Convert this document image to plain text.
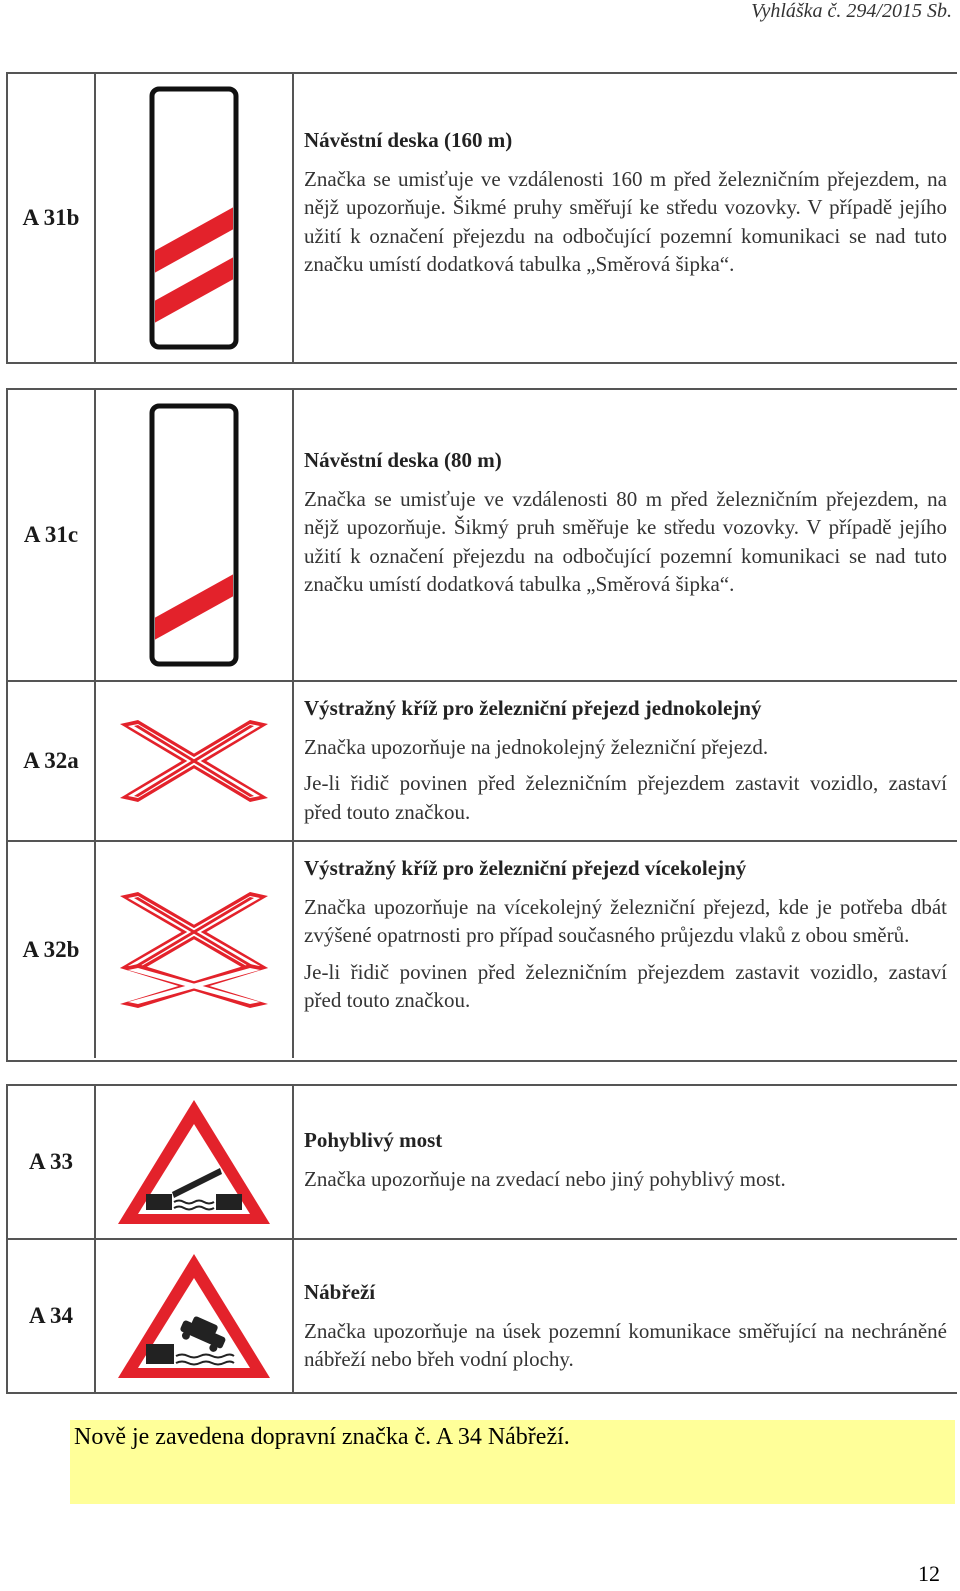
Vyhláška č. 294/2015 Sb.
A 31b

Návěstní deska (160 m)

Značka se umisťuje ve vzdálenosti 160 m před železničním přejezdem, na nějž upozorňuje. Šikmé pruhy směřují ke středu vozovky. V případě jejího užití k označení přejezdu na odbočující pozemní komunikaci se nad tuto značku umístí dodatková tabulka „Směrová šipka“.

A 31c

Návěstní deska (80 m)

Značka se umisťuje ve vzdálenosti 80 m před železničním přejezdem, na nějž upozorňuje. Šikmý pruh směřuje ke středu vozovky. V případě jejího užití k označení přejezdu na odbočující pozemní komunikaci se nad tuto značku umístí dodatková tabulka „Směrová šipka“.

A 32a

Výstražný kříž pro železniční přejezd jednokolejný

Značka upozorňuje na jednokolejný železniční přejezd.

Je-li řidič povinen před železničním přejezdem zastavit vozidlo, zastaví před touto značkou.

A 32b

Výstražný kříž pro železniční přejezd vícekolejný

Značka upozorňuje na vícekolejný železniční přejezd, kde je potřeba dbát zvýšené opatrnosti pro případ současného průjezdu vlaků z obou směrů.

Je-li řidič povinen před železničním přejezdem zastavit vozidlo, zastaví před touto značkou.

A 33

Pohyblivý most

Značka upozorňuje na zvedací nebo jiný pohyblivý most.

A 34

Nábřeží

Značka upozorňuje na úsek pozemní komunikace směřující na nechráněné nábřeží nebo břeh vodní plochy.

Nově je zavedena dopravní značka č. A 34 Nábřeží.
12
